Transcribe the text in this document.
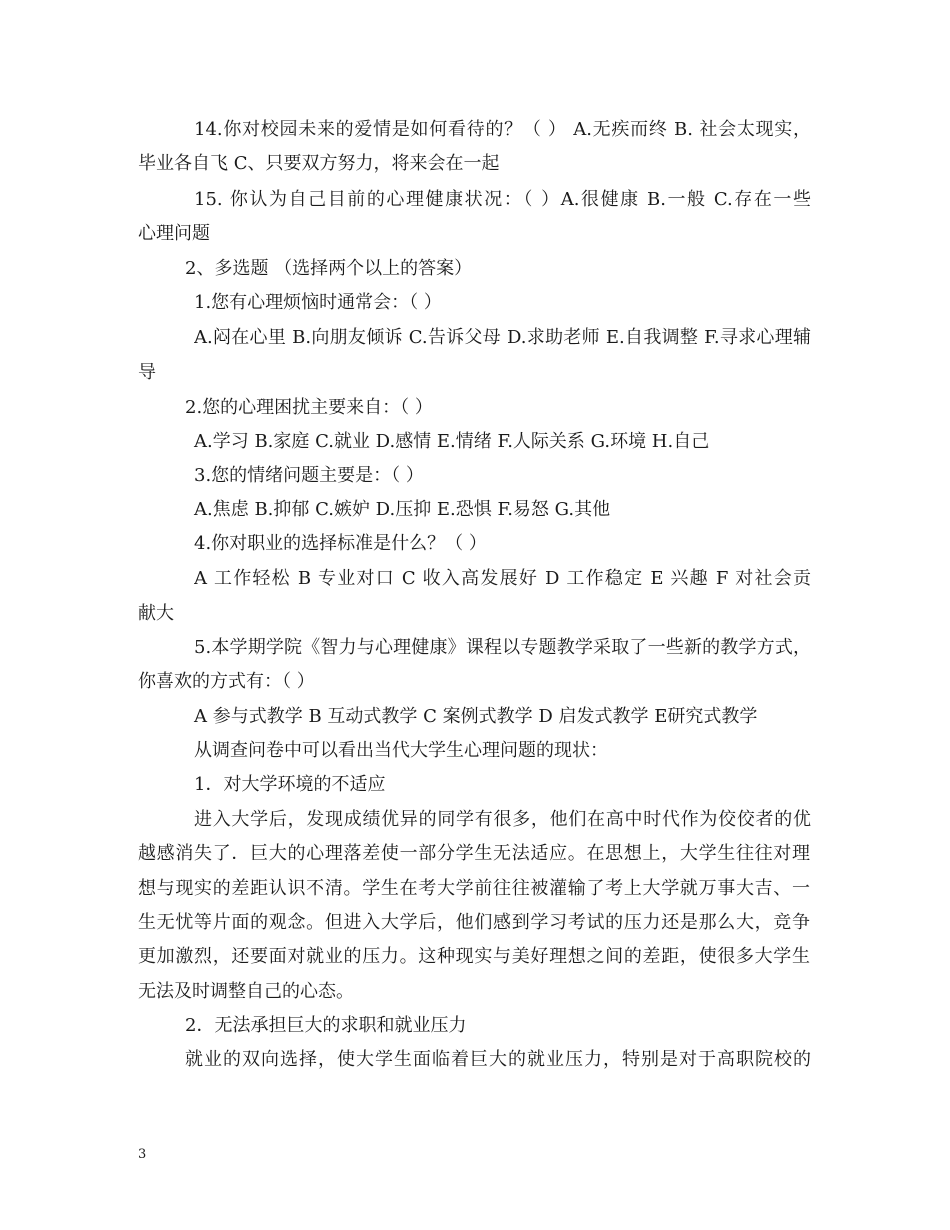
14.你对校园未来的爱情是如何看待的？（ ） A.无疾而终 B. 社会太现实，
毕业各自飞 C、只要双方努力，将来会在一起
15. 你认为自己目前的心理健康状况：（ ）A.很健康 B.一般 C.存在一些
心理问题
2、多选题 （选择两个以上的答案）
1.您有心理烦恼时通常会：（ ）
A.闷在心里 B.向朋友倾诉 C.告诉父母 D.求助老师 E.自我调整 F.寻求心理辅
导
2.您的心理困扰主要来自：（ ）
A.学习 B.家庭 C.就业 D.感情 E.情绪 F.人际关系 G.环境 H.自己
3.您的情绪问题主要是：（ ）
A.焦虑 B.抑郁 C.嫉妒 D.压抑 E.恐惧 F.易怒 G.其他
4.你对职业的选择标准是什么？（ ）
A 工作轻松 B 专业对口 C 收入高发展好 D 工作稳定 E 兴趣 F 对社会贡
献大
5.本学期学院《智力与心理健康》课程以专题教学采取了一些新的教学方式，
你喜欢的方式有：（ ）
A 参与式教学 B 互动式教学 C 案例式教学 D 启发式教学 E研究式教学
从调查问卷中可以看出当代大学生心理问题的现状：
1．对大学环境的不适应
进入大学后，发现成绩优异的同学有很多，他们在高中时代作为佼佼者的优
越感消失了．巨大的心理落差使一部分学生无法适应。在思想上，大学生往往对理
想与现实的差距认识不清。学生在考大学前往往被灌输了考上大学就万事大吉、一
生无忧等片面的观念。但进入大学后，他们感到学习考试的压力还是那么大，竞争
更加激烈，还要面对就业的压力。这种现实与美好理想之间的差距，使很多大学生
无法及时调整自己的心态。
2．无法承担巨大的求职和就业压力
就业的双向选择，使大学生面临着巨大的就业压力，特别是对于高职院校的
3
